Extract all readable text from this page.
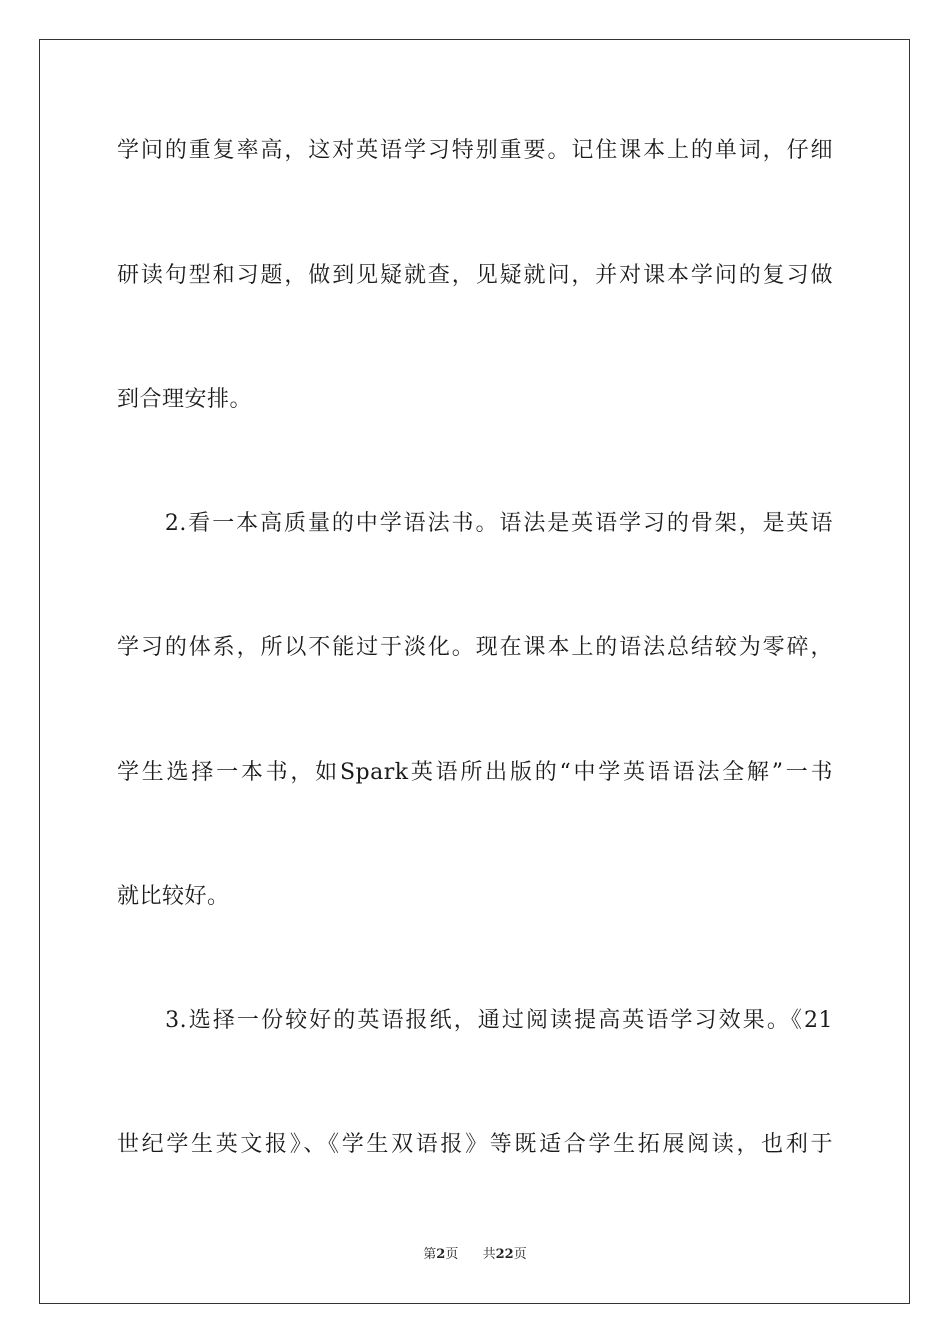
学问的重复率高，这对英语学习特别重要。记住课本上的单词，仔细
研读句型和习题，做到见疑就查，见疑就问，并对课本学问的复习做
到合理安排。
　　2.看一本高质量的中学语法书。语法是英语学习的骨架，是英语
学习的体系，所以不能过于淡化。现在课本上的语法总结较为零碎，
学生选择一本书，如Spark英语所出版的“中学英语语法全解”一书
就比较好。
　　3.选择一份较好的英语报纸，通过阅读提高英语学习效果。《21
世纪学生英文报》、《学生双语报》等既适合学生拓展阅读，也利于
第2页 共22页
